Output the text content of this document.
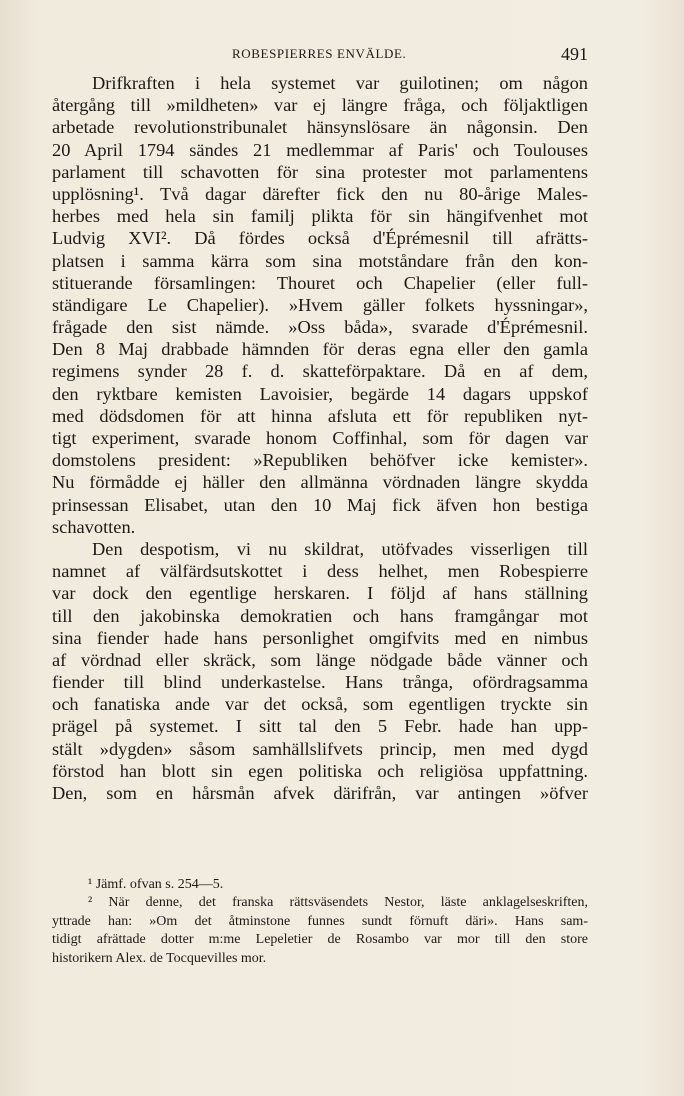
ROBESPIERRES ENVÄLDE.	491
Drifkraften i hela systemet var guilotinen; om någon
återgång till »mildheten» var ej längre fråga, och följaktligen
arbetade revolutionstribunalet hänsynslösare än någonsin. Den
20 April 1794 sändes 21 medlemmar af Paris' och Toulouses
parlament till schavotten för sina protester mot parlamentens
upplösning¹. Två dagar därefter fick den nu 80-årige Males-
herbes med hela sin familj plikta för sin hängifvenhet mot
Ludvig XVI². Då fördes också d'Éprémesnil till afrätts-
platsen i samma kärra som sina motståndare från den kon-
stituerande församlingen: Thouret och Chapelier (eller full-
ständigare Le Chapelier). »Hvem gäller folkets hyssningar»,
frågade den sist nämde. »Oss båda», svarade d'Éprémesnil.
Den 8 Maj drabbade hämnden för deras egna eller den gamla
regimens synder 28 f. d. skatteförpaktare. Då en af dem,
den ryktbare kemisten Lavoisier, begärde 14 dagars uppskof
med dödsdomen för att hinna afsluta ett för republiken nyt-
tigt experiment, svarade honom Coffinhal, som för dagen var
domstolens president: »Republiken behöfver icke kemister».
Nu förmådde ej häller den allmänna vördnaden längre skydda
prinsessan Elisabet, utan den 10 Maj fick äfven hon bestiga
schavotten.
Den despotism, vi nu skildrat, utöfvades visserligen till
namnet af välfärdsutskottet i dess helhet, men Robespierre
var dock den egentlige herskaren. I följd af hans ställning
till den jakobinska demokratien och hans framgångar mot
sina fiender hade hans personlighet omgifvits med en nimbus
af vördnad eller skräck, som länge nödgade både vänner och
fiender till blind underkastelse. Hans trånga, ofördragsamma
och fanatiska ande var det också, som egentligen tryckte sin
prägel på systemet. I sitt tal den 5 Febr. hade han upp-
stält »dygden» såsom samhällslifvets princip, men med dygd
förstod han blott sin egen politiska och religiösa uppfattning.
Den, som en hårsmån afvek därifrån, var antingen »öfver
¹ Jämf. ofvan s. 254—5.
² När denne, det franska rättsväsendets Nestor, läste anklagelseskriften,
yttrade han: »Om det åtminstone funnes sundt förnuft däri». Hans sam-
tidigt afrättade dotter m:me Lepeletier de Rosambo var mor till den store
historikern Alex. de Tocquevilles mor.
